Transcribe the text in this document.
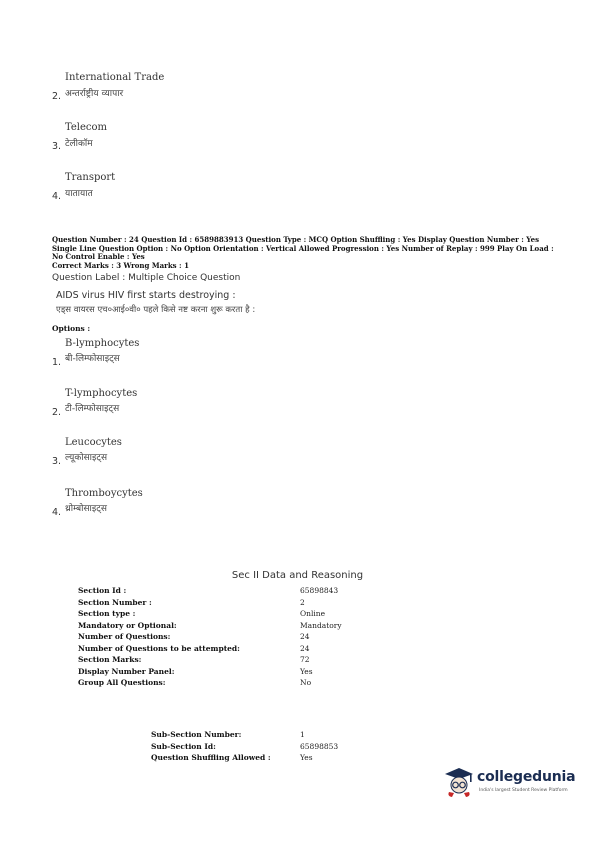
International Trade
अन्तर्राष्ट्रीय व्यापार
2.
Telecom
टेलीकॉम
3.
Transport
यातायात
4.
Question Number : 24 Question Id : 6589883913 Question Type : MCQ Option Shuffling : Yes Display Question Number : Yes
Single Line Question Option : No Option Orientation : Vertical Allowed Progression : Yes Number of Replay : 999 Play On Load :
No Control Enable : Yes
Correct Marks : 3 Wrong Marks : 1
Question Label : Multiple Choice Question
AIDS virus HIV first starts destroying :
एड्स वायरस एच०आई०वी० पहले किसे नष्ट करना शुरू करता है :
Options :
B-lymphocytes
बी-लिम्फोसाइट्स
1.
T-lymphocytes
टी-लिम्फोसाइट्स
2.
Leucocytes
ल्यूकोसाइट्स
3.
Thromboycytes
थ्रोम्बोसाइट्स
4.
Sec II Data and Reasoning
Section Id :	65898843
Section Number :	2
Section type :	Online
Mandatory or Optional:	Mandatory
Number of Questions:	24
Number of Questions to be attempted:	24
Section Marks:	72
Display Number Panel:	Yes
Group All Questions:	No
Sub-Section Number:	1
Sub-Section Id:	65898853
Question Shuffling Allowed :	Yes
collegedunia
India's largest Student Review Platform
